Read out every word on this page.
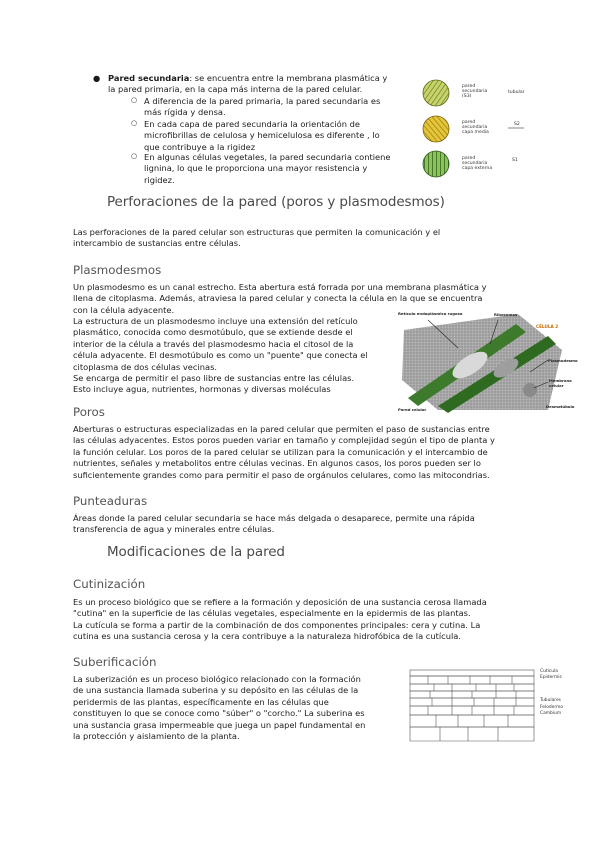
● Pared secundaria: se encuentra entre la membrana plasmática y

la pared primaria, en la capa más interna de la pared celular.

○ A diferencia de la pared primaria, la pared secundaria es

más rígida y densa.

○ En cada capa de pared secundaria la orientación de

microfibrillas de celulosa y hemicelulosa es diferente , lo

que contribuye a la rigidez

○ En algunas células vegetales, la pared secundaria contiene

lignina, lo que le proporciona una mayor resistencia y

rigidez.

pared
secundaria
(S3)
tubular
pared
secundaria
capa media
S2
pared
secundaria
capa externa
S1
Perforaciones de la pared (poros y plasmodesmos)

Las perforaciones de la pared celular son estructuras que permiten la comunicación y el

intercambio de sustancias entre células.

Plasmodesmos

Un plasmodesmo es un canal estrecho. Esta abertura está forrada por una membrana plasmática y

llena de citoplasma. Además, atraviesa la pared celular y conecta la célula en la que se encuentra

con la célula adyacente.

La estructura de un plasmodesmo incluye una extensión del retículo

plasmático, conocida como desmotúbulo, que se extiende desde el

interior de la célula a través del plasmodesmo hacia el citosol de la

célula adyacente. El desmotúbulo es como un "puente" que conecta el

citoplasma de dos células vecinas.

Se encarga de permitir el paso libre de sustancias entre las células.

Esto incluye agua, nutrientes, hormonas y diversas moléculas

Retículo endoplásmico rugoso	Ribosomas
CÉLULA 2
Plasmodesmo
Membrana celular
Desmotúbulo
Pared celular
Poros

Aberturas o estructuras especializadas en la pared celular que permiten el paso de sustancias entre

las células adyacentes. Estos poros pueden variar en tamaño y complejidad según el tipo de planta y

la función celular. Los poros de la pared celular se utilizan para la comunicación y el intercambio de

nutrientes, señales y metabolitos entre células vecinas. En algunos casos, los poros pueden ser lo

suficientemente grandes como para permitir el paso de orgánulos celulares, como las mitocondrias.

Punteaduras

Áreas donde la pared celular secundaria se hace más delgada o desaparece, permite una rápida

transferencia de agua y minerales entre células.

Modificaciones de la pared
Cutinización

Es un proceso biológico que se refiere a la formación y deposición de una sustancia cerosa llamada

"cutina" en la superficie de las células vegetales, especialmente en la epidermis de las plantas.

La cutícula se forma a partir de la combinación de dos componentes principales: cera y cutina. La

cutina es una sustancia cerosa y la cera contribuye a la naturaleza hidrofóbica de la cutícula.

Suberificación

La suberización es un proceso biológico relacionado con la formación

de una sustancia llamada suberina y su depósito en las células de la

peridermis de las plantas, específicamente en las células que

constituyen lo que se conoce como "súber" o "corcho." La suberina es

una sustancia grasa impermeable que juega un papel fundamental en

la protección y aislamiento de la planta.

Cutícula
Epidermis
Tubulares
Felodermo
Cambium
